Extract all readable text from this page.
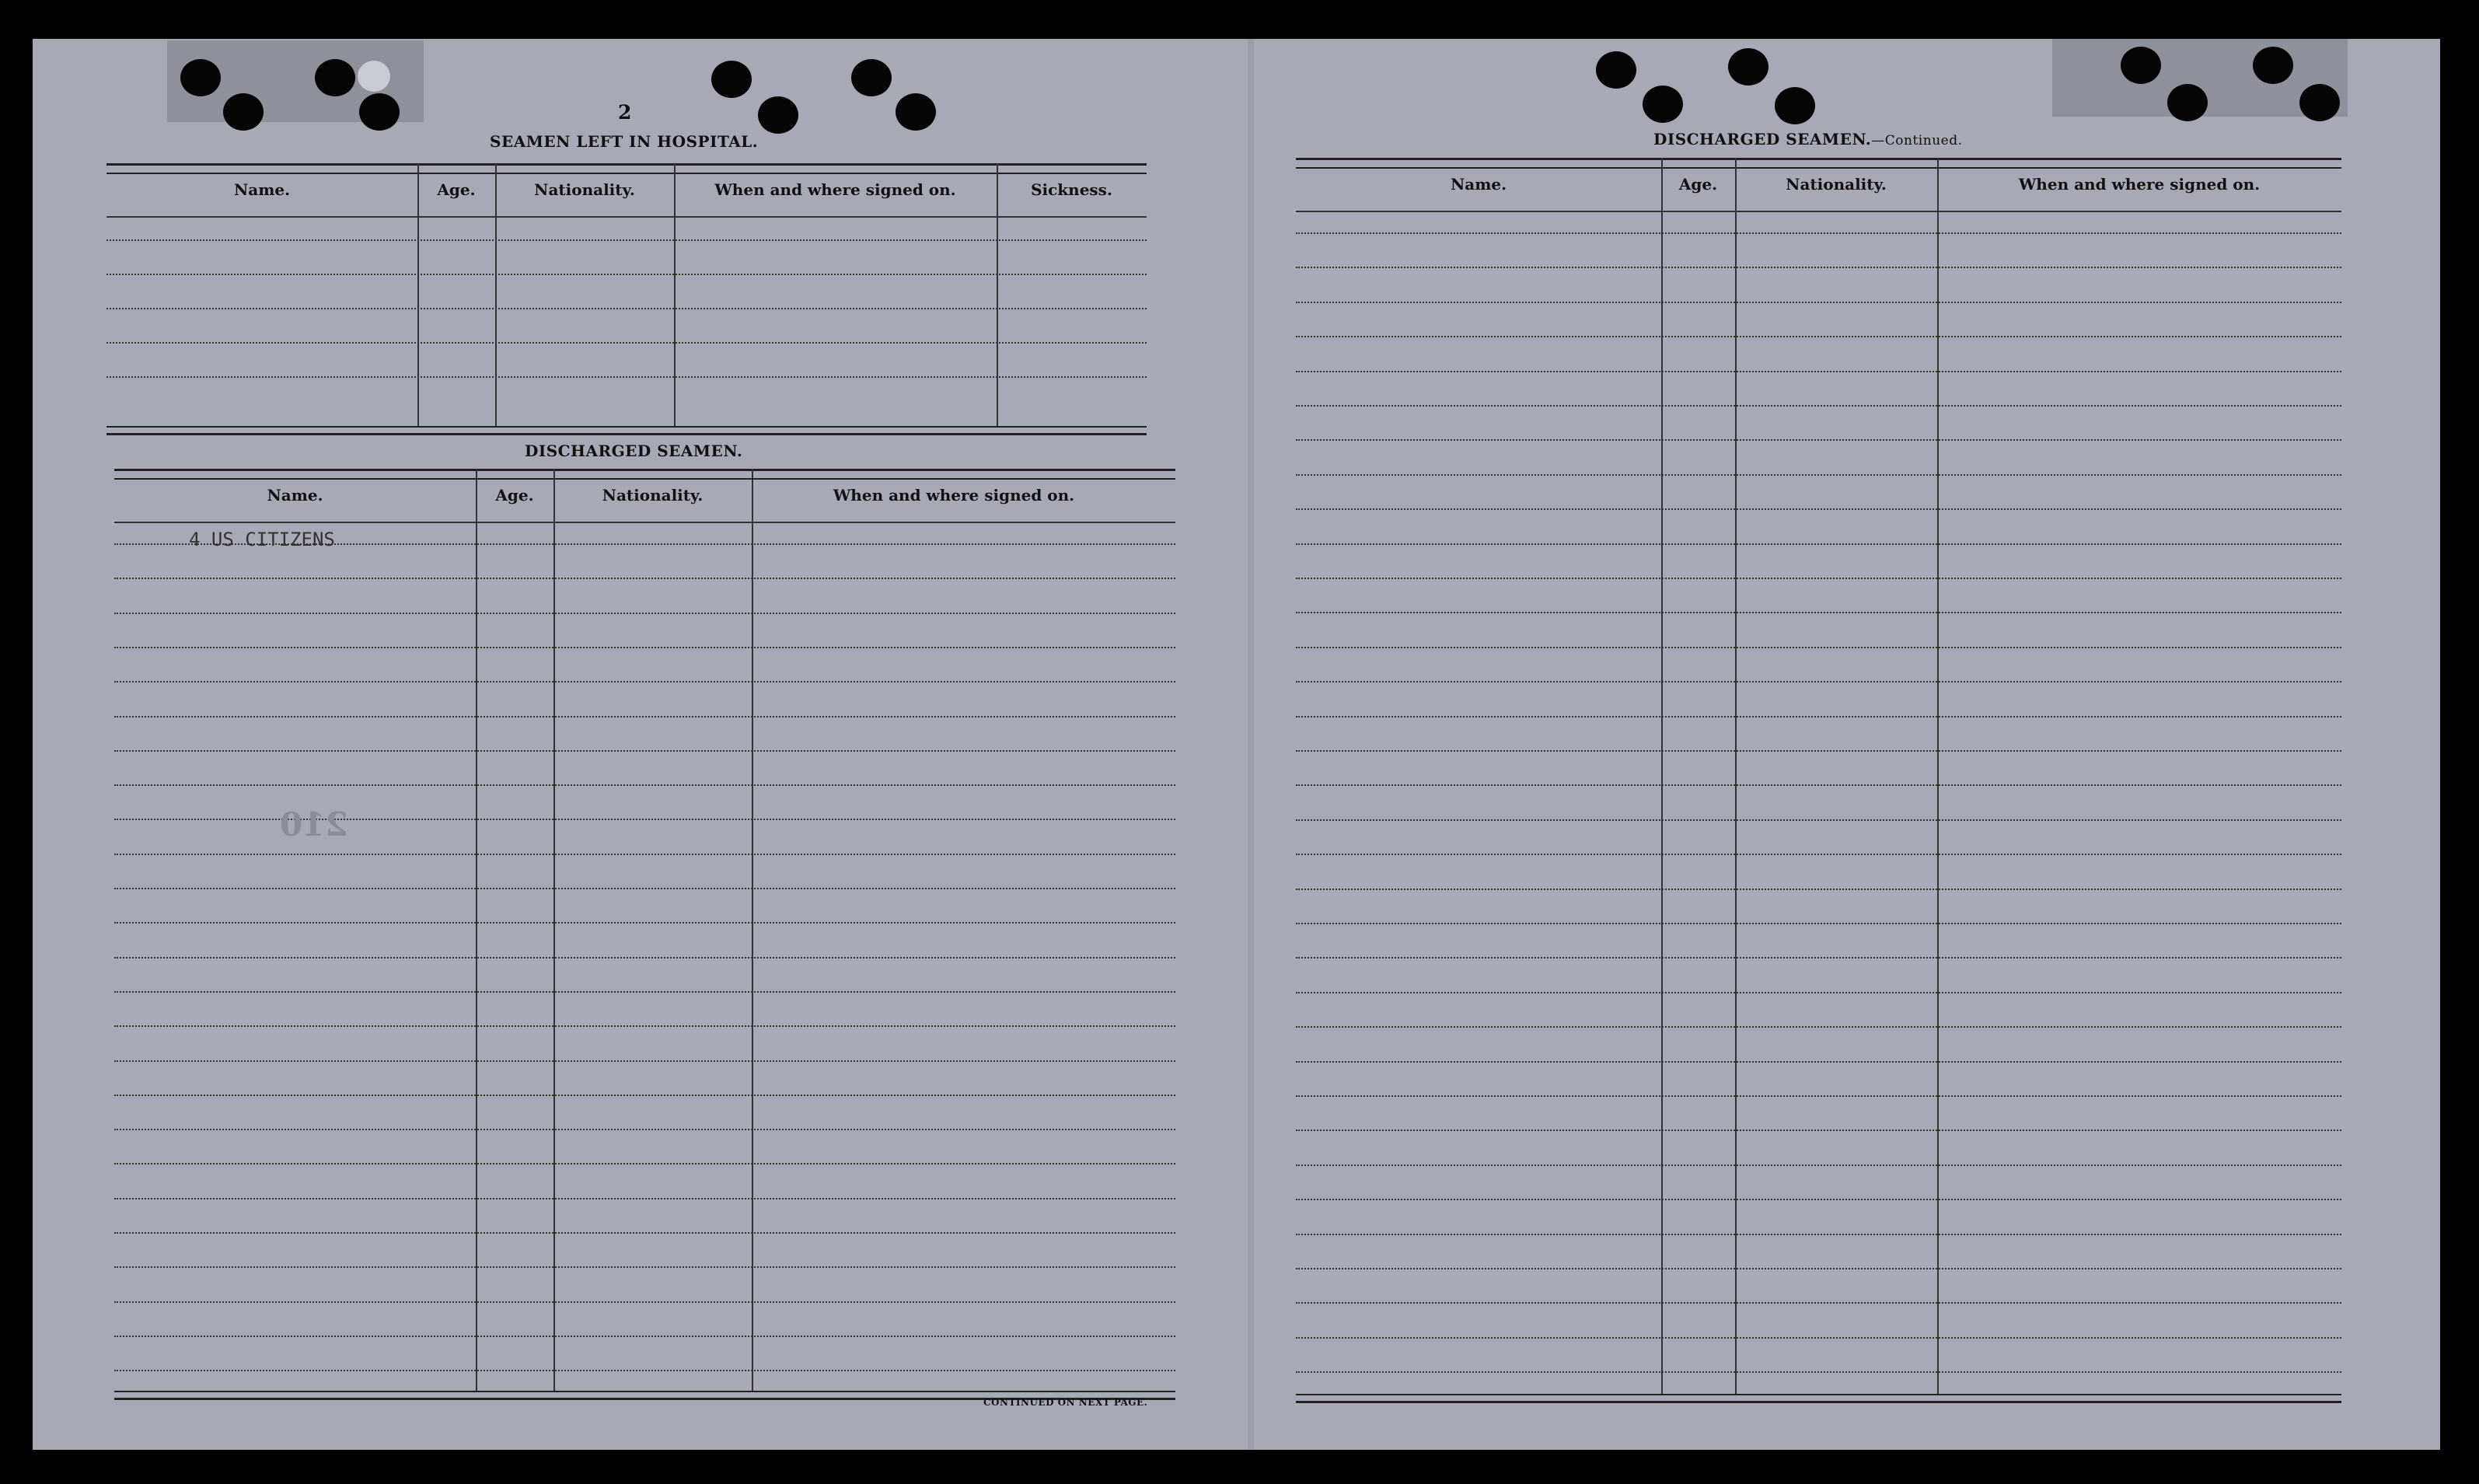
2
SEAMEN LEFT IN HOSPITAL.
Name.	Age.	Nationality.	When and where signed on.	Sickness.
DISCHARGED SEAMEN.
Name.	Age.	Nationality.	When and where signed on.
4 US CITIZENS
210
CONTINUED ON NEXT PAGE.
DISCHARGED SEAMEN.—Continued.
Name.	Age.	Nationality.	When and where signed on.
